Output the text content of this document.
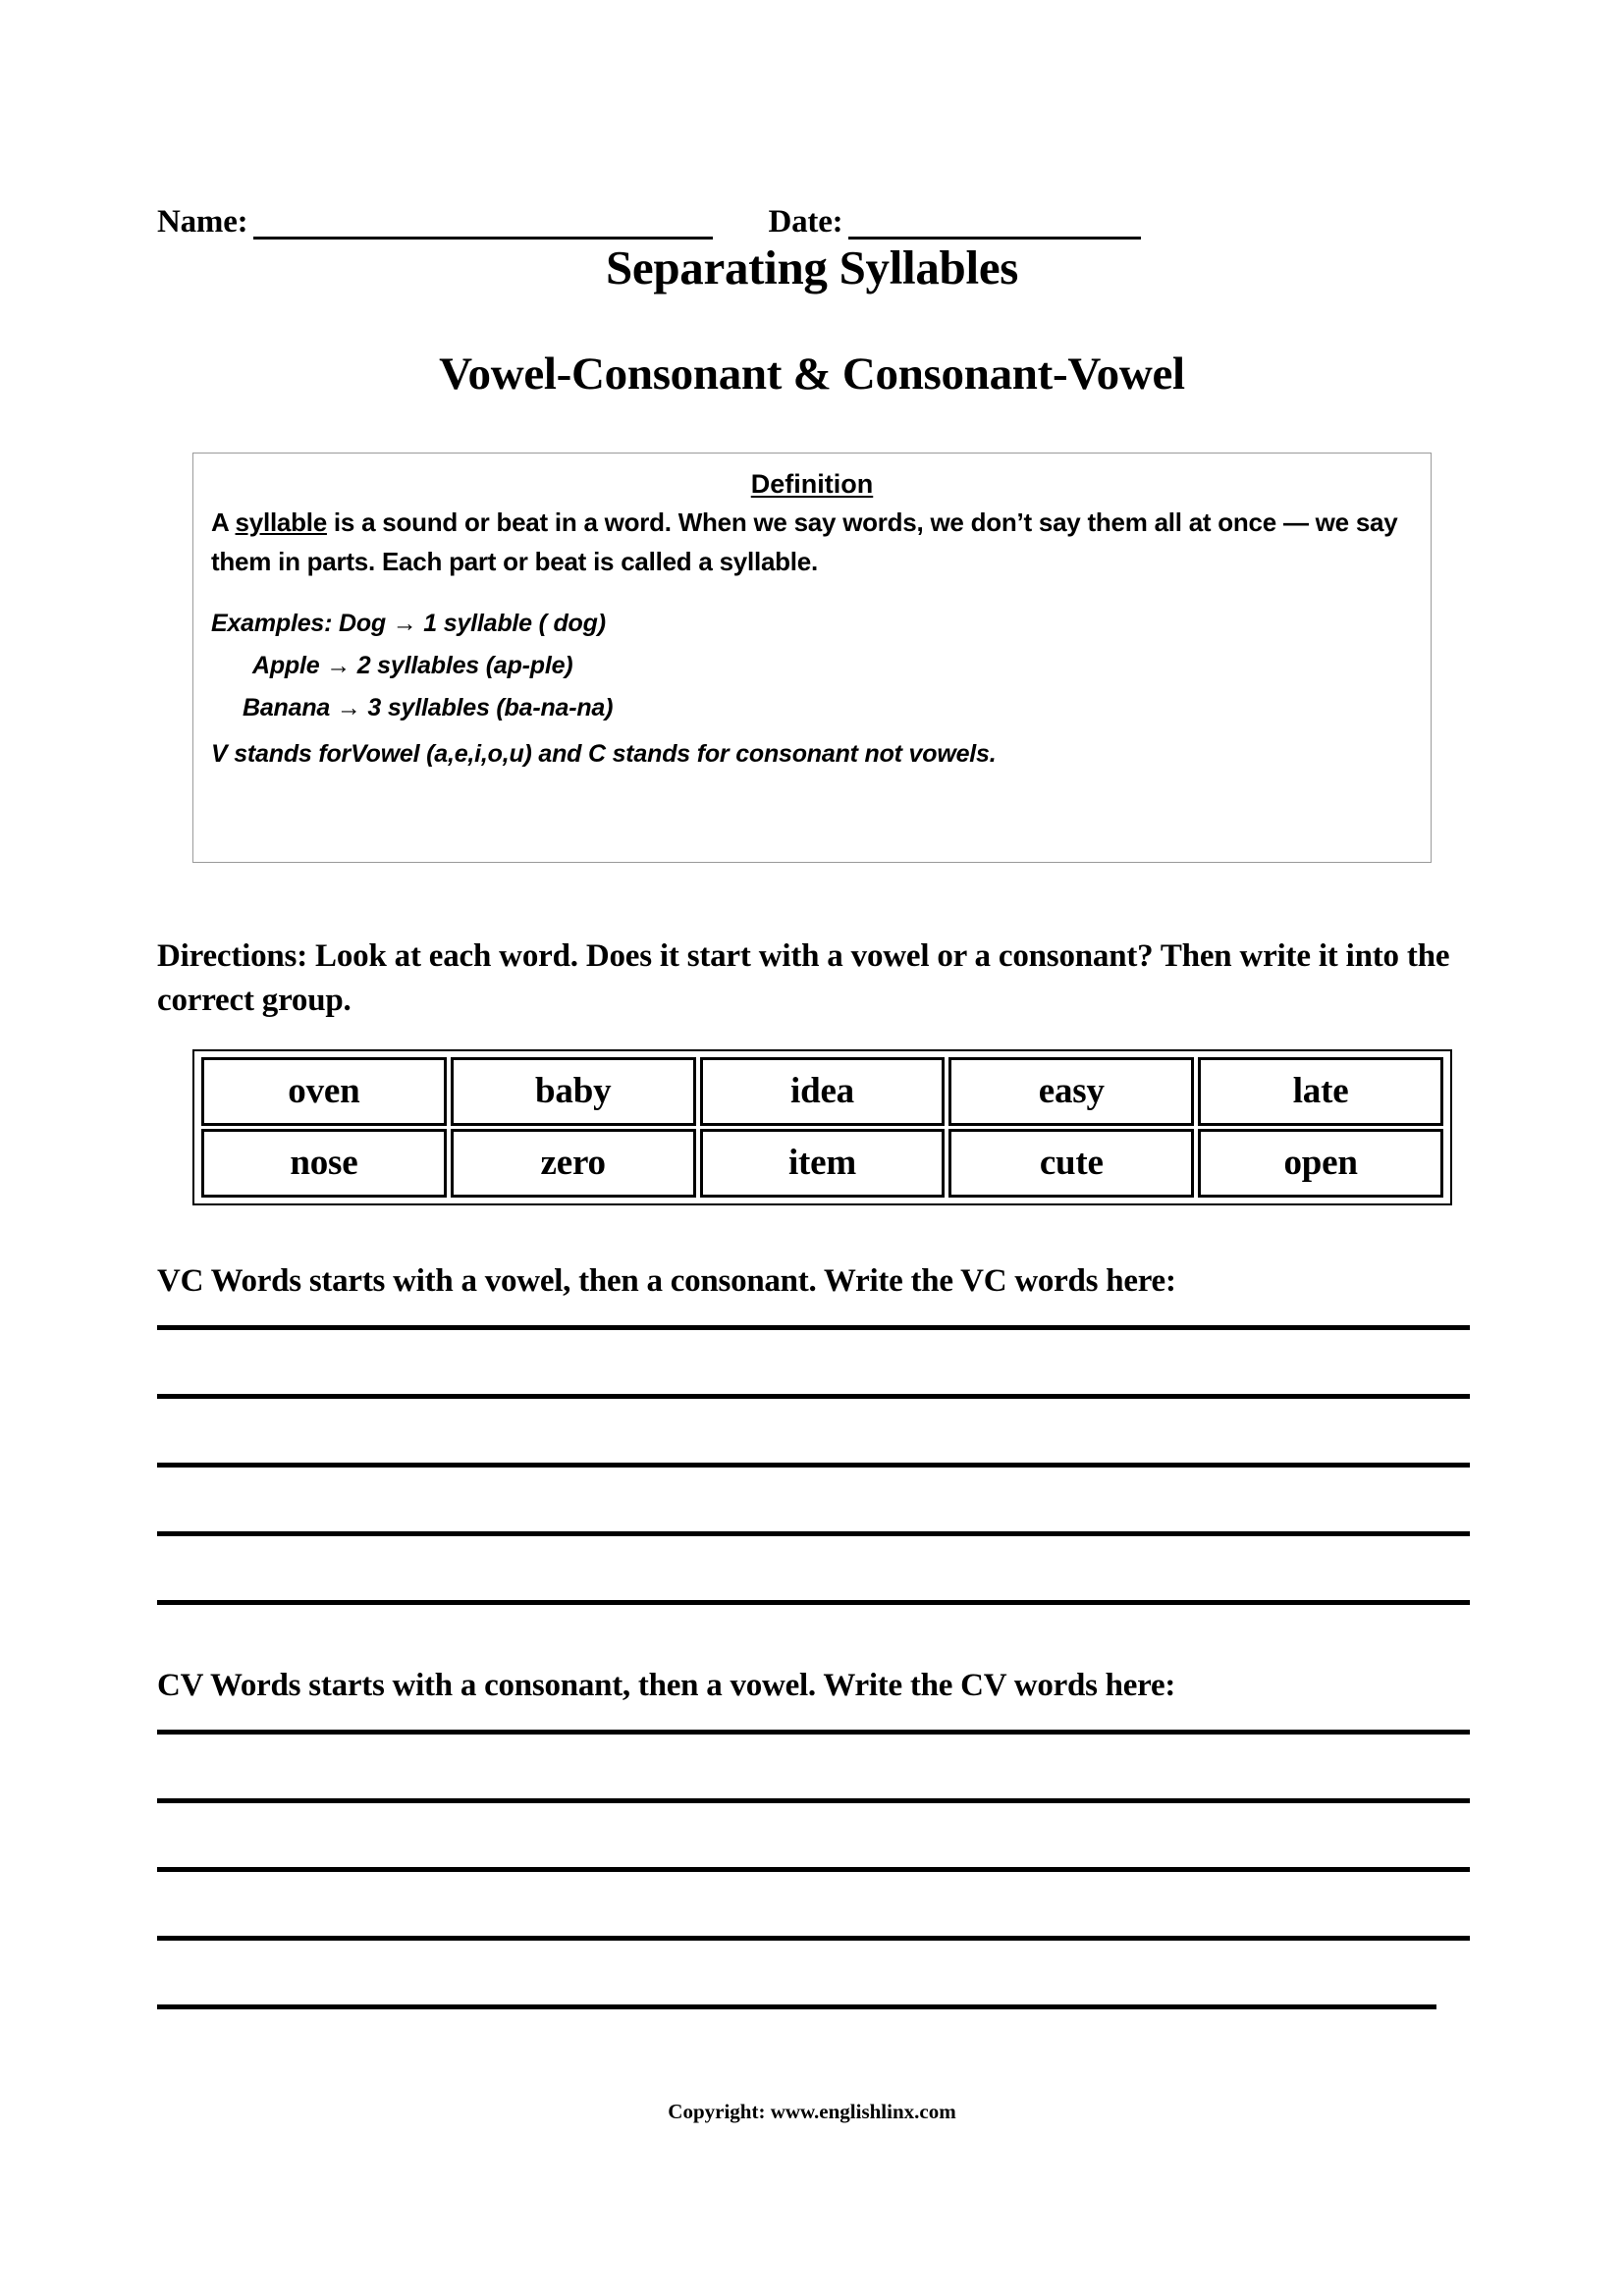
Name:	Date:
Separating Syllables
Vowel-Consonant & Consonant-Vowel
Definition

A syllable is a sound or beat in a word. When we say words, we don’t say them all at once — we say them in parts. Each part or beat is called a syllable.

Examples: Dog → 1 syllable ( dog)

Apple → 2 syllables (ap-ple)

Banana → 3 syllables (ba-na-na)

V stands forVowel (a,e,i,o,u) and C stands for consonant not vowels.

Directions: Look at each word. Does it start with a vowel or a consonant? Then write it into the correct group.
oven	baby	idea	easy	late
nose	zero	item	cute	open
VC Words starts with a vowel, then a consonant. Write the VC words here:
CV Words starts with a consonant, then a vowel. Write the CV words here:
Copyright: www.englishlinx.com
